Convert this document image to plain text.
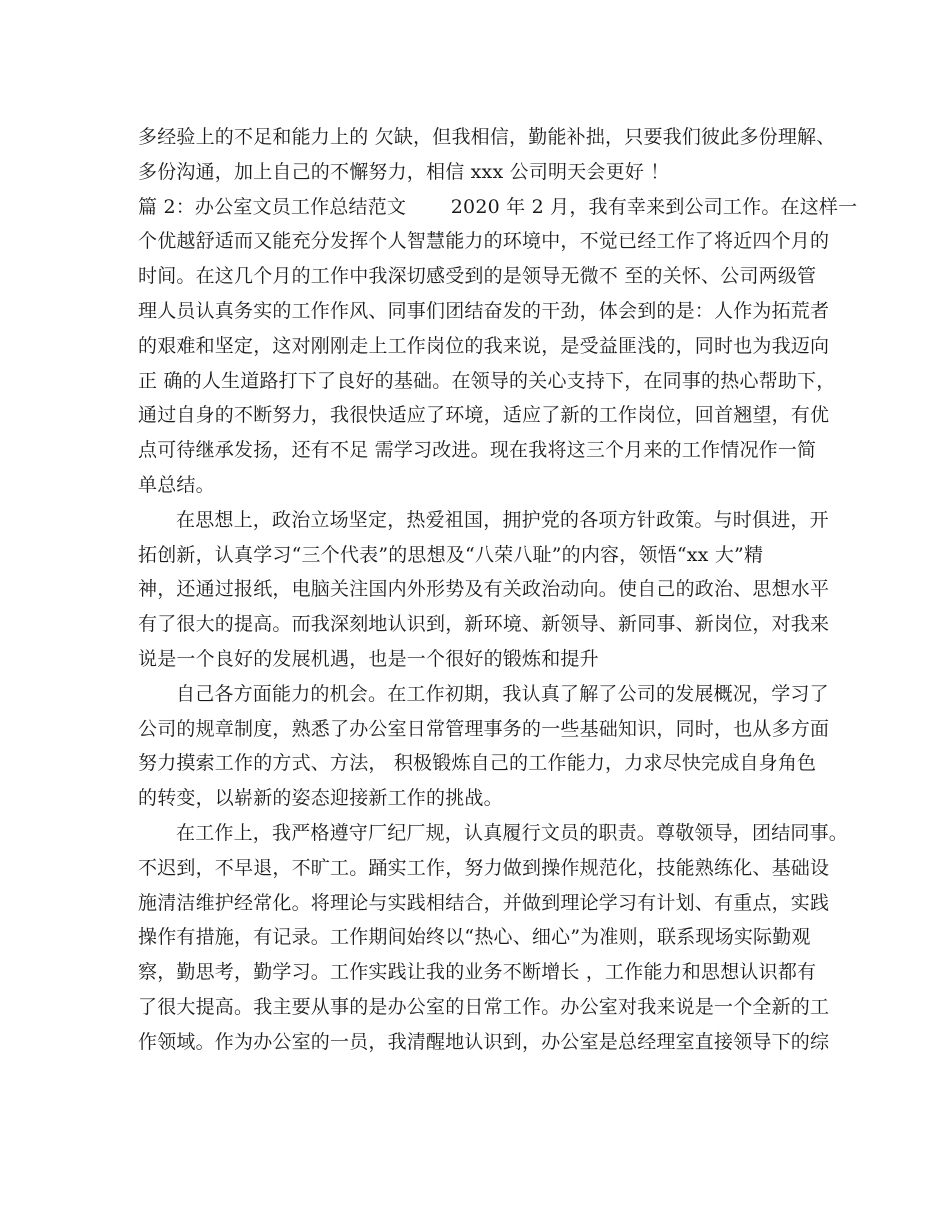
多经验上的不足和能力上的 欠缺，但我相信，勤能补拙，只要我们彼此多份理解、
多份沟通，加上自己的不懈努力，相信 xxx 公司明天会更好 ！
篇 2：办公室文员工作总结范文 　　2020 年 2 月，我有幸来到公司工作。在这样一
个优越舒适而又能充分发挥个人智慧能力的环境中，不觉已经工作了将近四个月的
时间。在这几个月的工作中我深切感受到的是领导无微不 至的关怀、公司两级管
理人员认真务实的工作作风、同事们团结奋发的干劲，体会到的是：人作为拓荒者
的艰难和坚定，这对刚刚走上工作岗位的我来说，是受益匪浅的，同时也为我迈向
正 确的人生道路打下了良好的基础。在领导的关心支持下，在同事的热心帮助下，
通过自身的不断努力，我很快适应了环境，适应了新的工作岗位，回首翘望，有优
点可待继承发扬，还有不足 需学习改进。现在我将这三个月来的工作情况作一简
单总结。
在思想上，政治立场坚定，热爱祖国，拥护党的各项方针政策。与时俱进，开
拓创新，认真学习“三个代表”的思想及“八荣八耻”的内容，领悟“xx 大”精
神，还通过报纸，电脑关注国内外形势及有关政治动向。使自己的政治、思想水平
有了很大的提高。而我深刻地认识到，新环境、新领导、新同事、新岗位，对我来
说是一个良好的发展机遇，也是一个很好的锻炼和提升
自己各方面能力的机会。在工作初期，我认真了解了公司的发展概况，学习了
公司的规章制度，熟悉了办公室日常管理事务的一些基础知识，同时，也从多方面
努力摸索工作的方式、方法， 积极锻炼自己的工作能力，力求尽快完成自身角色
的转变，以崭新的姿态迎接新工作的挑战。
在工作上，我严格遵守厂纪厂规，认真履行文员的职责。尊敬领导，团结同事。
不迟到，不早退，不旷工。踊实工作，努力做到操作规范化，技能熟练化、基础设
施清洁维护经常化。将理论与实践相结合，并做到理论学习有计划、有重点，实践
操作有措施，有记录。工作期间始终以“热心、细心”为准则，联系现场实际勤观
察，勤思考，勤学习。工作实践让我的业务不断增长 ，工作能力和思想认识都有
了很大提高。我主要从事的是办公室的日常工作。办公室对我来说是一个全新的工
作领域。作为办公室的一员，我清醒地认识到，办公室是总经理室直接领导下的综
